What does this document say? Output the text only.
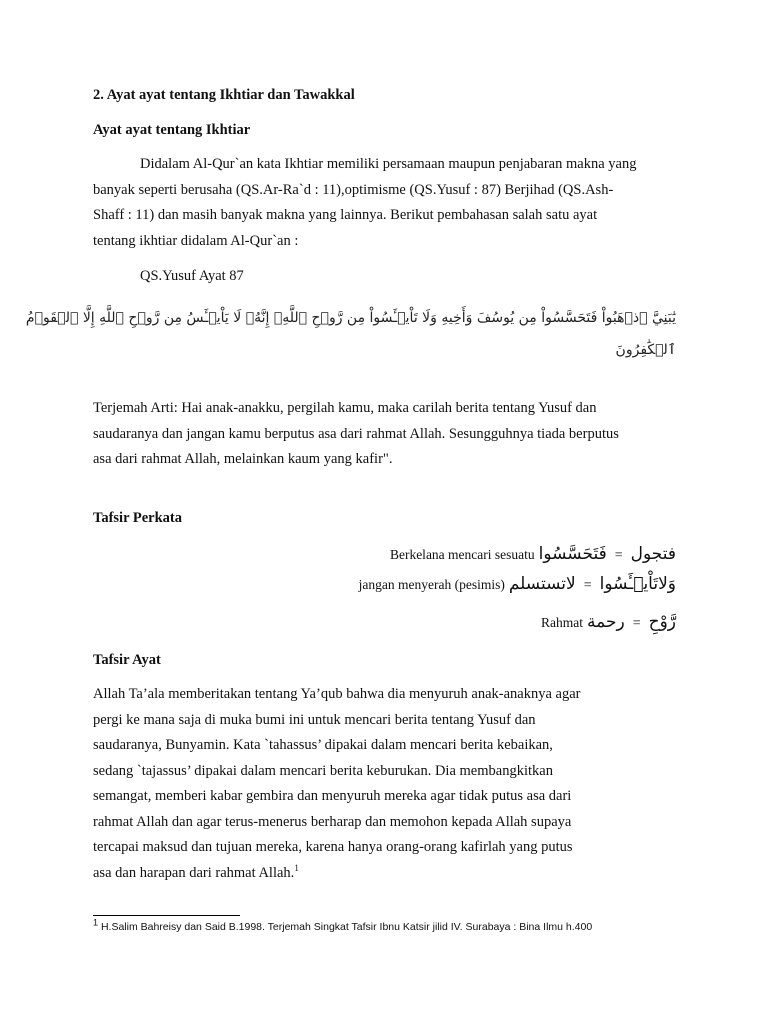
2. Ayat ayat tentang Ikhtiar dan Tawakkal
Ayat ayat tentang Ikhtiar
Didalam Al-Qur`an kata Ikhtiar memiliki persamaan maupun penjabaran makna yang
banyak seperti berusaha (QS.Ar-Ra`d : 11),optimisme (QS.Yusuf : 87) Berjihad (QS.Ash-
Shaff : 11) dan masih banyak makna yang lainnya. Berikut pembahasan salah satu ayat
tentang ikhtiar didalam Al-Qur`an :
QS.Yusuf Ayat 87
يَٰبَنِيَّ ٱذۡهَبُواْ فَتَحَسَّسُواْ مِن يُوسُفَ وَأَخِيهِ وَلَا تَاْيۡـَٔسُواْ مِن رَّوۡحِ ٱللَّهِۖ إِنَّهُۥ لَا يَاْيۡـَٔسُ مِن رَّوۡحِ ٱللَّهِ إِلَّا ٱلۡقَوۡمُ
ٱلۡكَٰفِرُونَ
Terjemah Arti: Hai anak-anakku, pergilah kamu, maka carilah berita tentang Yusuf dan
saudaranya dan jangan kamu berputus asa dari rahmat Allah. Sesungguhnya tiada berputus
asa dari rahmat Allah, melainkan kaum yang kafir".
Tafsir Perkata
Berkelana mencari sesuatu فَتَحَسَّسُوا = فتجول
jangan menyerah (pesimis) لاتستسلم = وَلاتَاْيۡـَٔسُوا
Rahmat رحمة = رَّوْحِ
Tafsir Ayat
Allah Ta’ala memberitakan tentang Ya’qub bahwa dia menyuruh anak-anaknya agar
pergi ke mana saja di muka bumi ini untuk mencari berita tentang Yusuf dan
saudaranya, Bunyamin. Kata `tahassus’ dipakai dalam mencari berita kebaikan,
sedang `tajassus’ dipakai dalam mencari berita keburukan. Dia membangkitkan
semangat, memberi kabar gembira dan menyuruh mereka agar tidak putus asa dari
rahmat Allah dan agar terus-menerus berharap dan memohon kepada Allah supaya
tercapai maksud dan tujuan mereka, karena hanya orang-orang kafirlah yang putus
asa dan harapan dari rahmat Allah.$^1$
$^1$ H.Salim Bahreisy dan Said B.1998. Terjemah Singkat Tafsir Ibnu Katsir jilid IV. Surabaya : Bina Ilmu h.400
